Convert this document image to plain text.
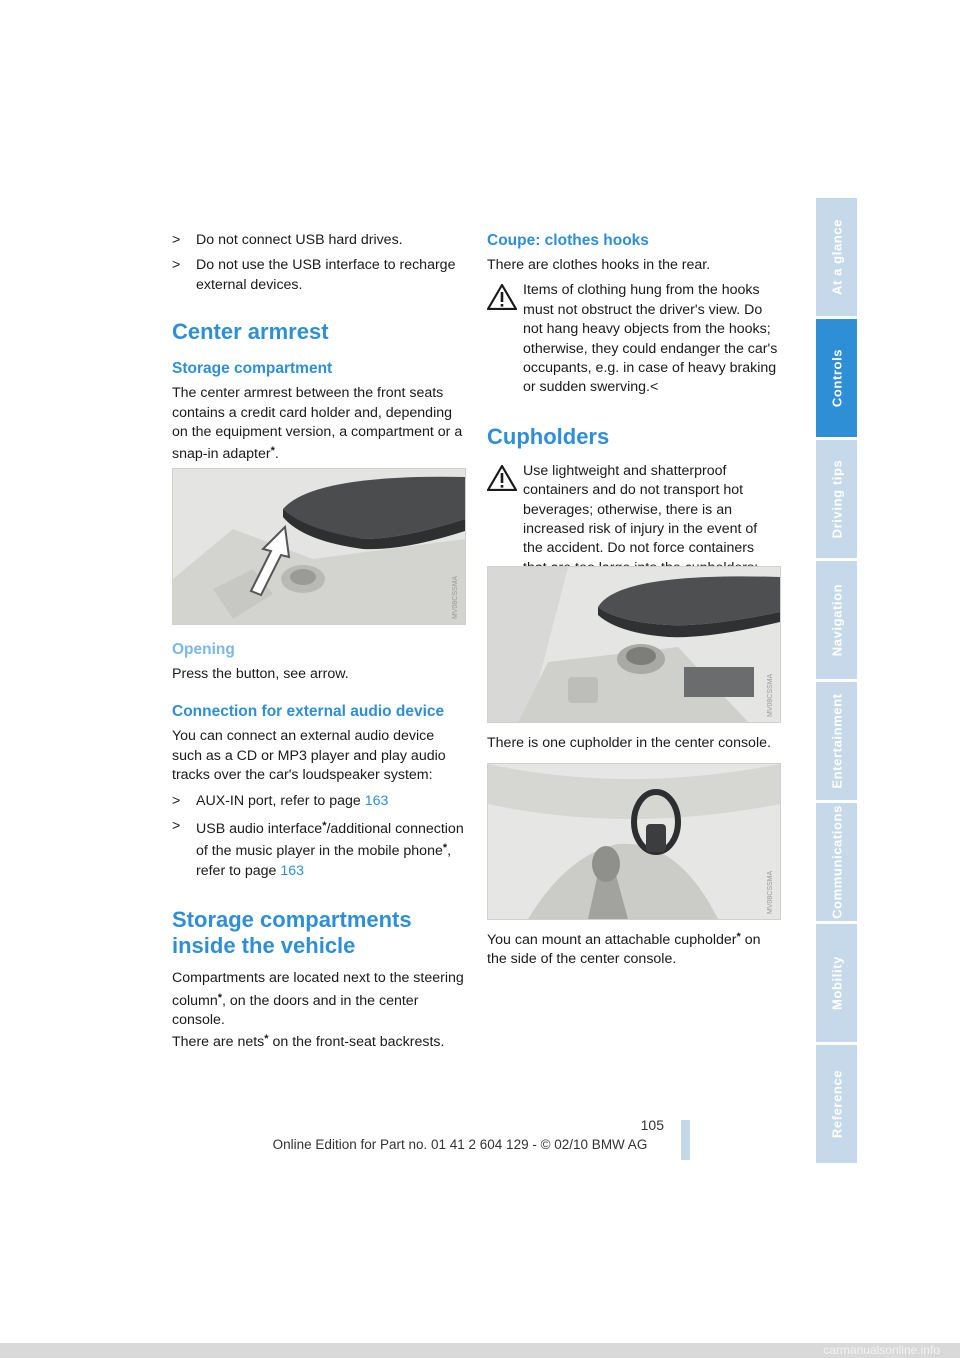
>	Do not connect USB hard drives.
>	Do not use the USB interface to recharge external devices.
Center armrest
Storage compartment

The center armrest between the front seats contains a credit card holder and, depending on the equipment version, a compartment or a snap-in adapter*.

MV08CSSMA
Opening

Press the button, see arrow.

Connection for external audio device

You can connect an external audio device such as a CD or MP3 player and play audio tracks over the car's loudspeaker system:

>	AUX-IN port, refer to page 163
>	USB audio interface*/additional connection of the music player in the mobile phone*, refer to page 163
Storage compartments inside the vehicle

Compartments are located next to the steering column*, on the doors and in the center console.

There are nets* on the front-seat backrests.

Coupe: clothes hooks

There are clothes hooks in the rear.

Items of clothing hung from the hooks must not obstruct the driver's view. Do not hang heavy objects from the hooks; otherwise, they could endanger the car's occupants, e.g. in case of heavy braking or sudden swerving.<

Cupholders

Use lightweight and shatterproof containers and do not transport hot beverages; otherwise, there is an increased risk of injury in the event of the accident. Do not force containers

MV08CSSMA

There is one cupholder in the center console.

MV08CSSMA

You can mount an attachable cupholder* on the side of the center console.

At a glance
Controls
Driving tips
Navigation
Entertainment
Communications
Mobility
Reference
105
Online Edition for Part no. 01 41 2 604 129 - © 02/10 BMW AG
carmanualsonline.info
